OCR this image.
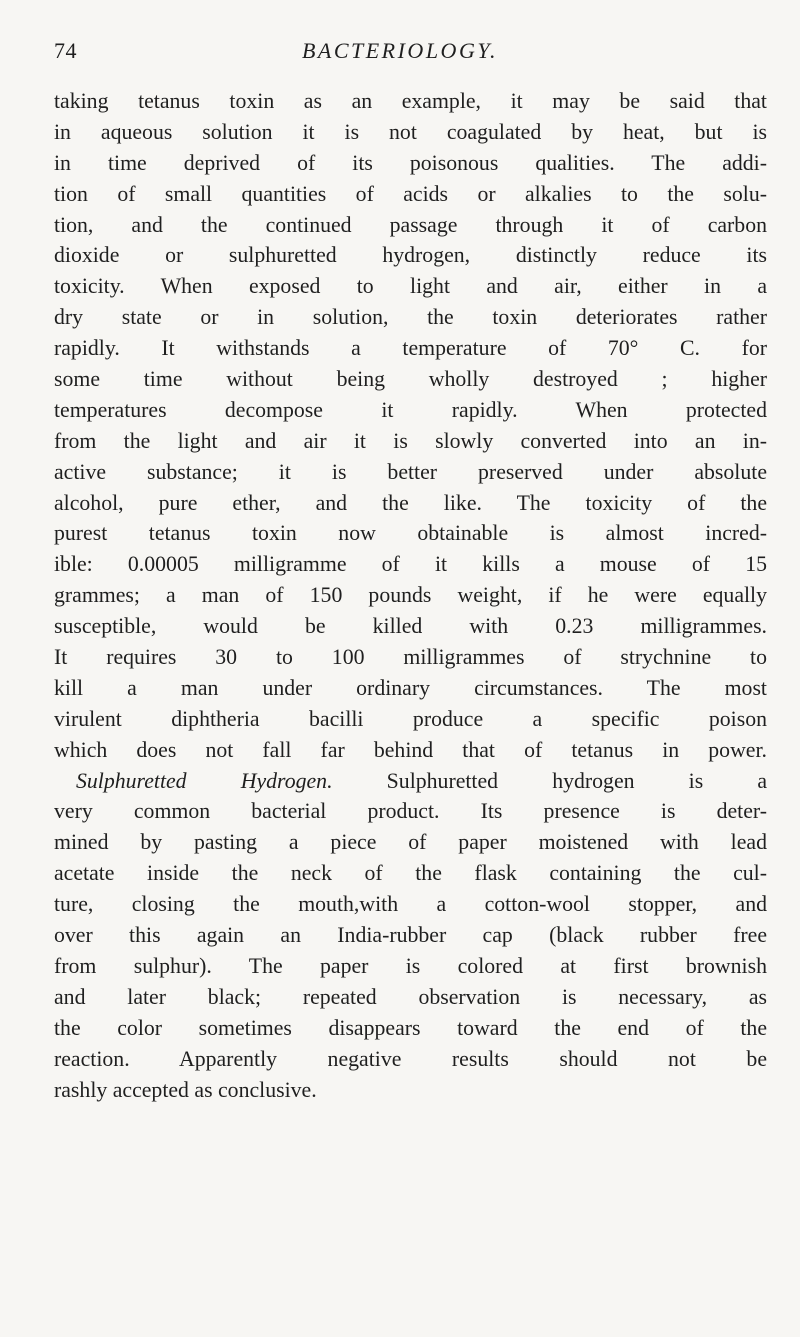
74	BACTERIOLOGY.
taking tetanus toxin as an example, it may be said that
in aqueous solution it is not coagulated by heat, but is
in time deprived of its poisonous qualities. The addi-
tion of small quantities of acids or alkalies to the solu-
tion, and the continued passage through it of carbon
dioxide or sulphuretted hydrogen, distinctly reduce its
toxicity. When exposed to light and air, either in a
dry state or in solution, the toxin deteriorates rather
rapidly. It withstands a temperature of 70° C. for
some time without being wholly destroyed ; higher
temperatures decompose it rapidly. When protected
from the light and air it is slowly converted into an in-
active substance; it is better preserved under absolute
alcohol, pure ether, and the like. The toxicity of the
purest tetanus toxin now obtainable is almost incred-
ible: 0.00005 milligramme of it kills a mouse of 15
grammes; a man of 150 pounds weight, if he were equally
susceptible, would be killed with 0.23 milligrammes.
It requires 30 to 100 milligrammes of strychnine to
kill a man under ordinary circumstances. The most
virulent diphtheria bacilli produce a specific poison
which does not fall far behind that of tetanus in power.
Sulphuretted Hydrogen. Sulphuretted hydrogen is a
very common bacterial product. Its presence is deter-
mined by pasting a piece of paper moistened with lead
acetate inside the neck of the flask containing the cul-
ture, closing the mouth,with a cotton-wool stopper, and
over this again an India-rubber cap (black rubber free
from sulphur). The paper is colored at first brownish
and later black; repeated observation is necessary, as
the color sometimes disappears toward the end of the
reaction. Apparently negative results should not be
rashly accepted as conclusive.
